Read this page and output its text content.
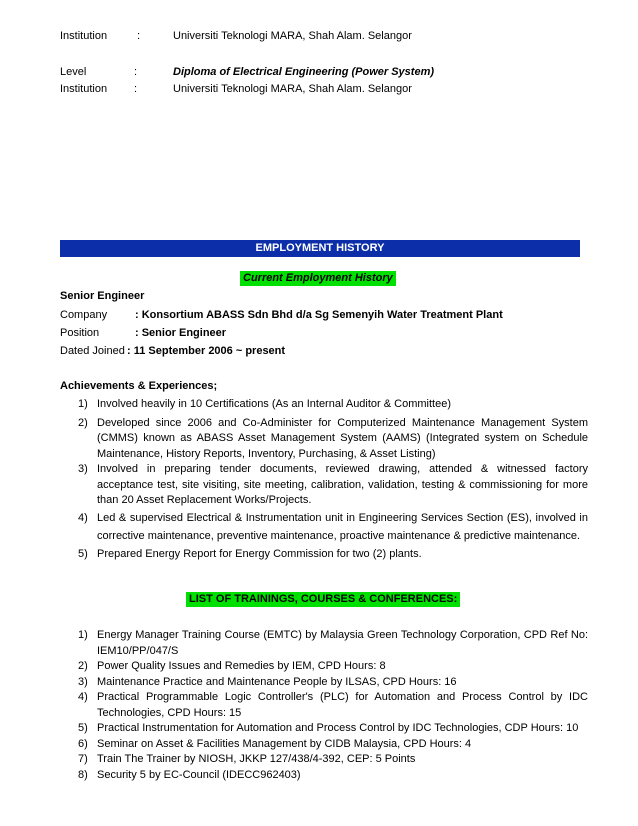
Institution	:	Universiti Teknologi MARA, Shah Alam. Selangor
Level	:	Diploma of Electrical Engineering (Power System)
Institution :	Universiti Teknologi MARA, Shah Alam. Selangor
EMPLOYMENT HISTORY
Current Employment History
Senior Engineer
Company	: Konsortium ABASS Sdn Bhd d/a Sg Semenyih Water Treatment Plant
Position	: Senior Engineer
Dated Joined : 11 September 2006 ~ present
Achievements & Experiences;
1) Involved heavily in 10 Certifications (As an Internal Auditor & Committee)
2) Developed since 2006 and Co-Administer for Computerized Maintenance Management System (CMMS) known as ABASS Asset Management System (AAMS) (Integrated system on Schedule Maintenance, History Reports, Inventory, Purchasing, & Asset Listing)
3) Involved in preparing tender documents, reviewed drawing, attended & witnessed factory acceptance test, site visiting, site meeting, calibration, validation, testing & commissioning for more than 20 Asset Replacement Works/Projects.
4) Led & supervised Electrical & Instrumentation unit in Engineering Services Section (ES), involved in corrective maintenance, preventive maintenance, proactive maintenance & predictive maintenance.
5) Prepared Energy Report for Energy Commission for two (2) plants.
LIST OF TRAININGS, COURSES & CONFERENCES:
1) Energy Manager Training Course (EMTC) by Malaysia Green Technology Corporation, CPD Ref No: IEM10/PP/047/S
2) Power Quality Issues and Remedies by IEM, CPD Hours: 8
3) Maintenance Practice and Maintenance People by ILSAS, CPD Hours: 16
4) Practical Programmable Logic Controller's (PLC) for Automation and Process Control by IDC Technologies, CPD Hours: 15
5) Practical Instrumentation for Automation and Process Control by IDC Technologies, CDP Hours: 10
6) Seminar on Asset & Facilities Management by CIDB Malaysia, CPD Hours: 4
7) Train The Trainer by NIOSH, JKKP 127/438/4-392, CEP: 5 Points
8) Security 5 by EC-Council (IDECC962403)
